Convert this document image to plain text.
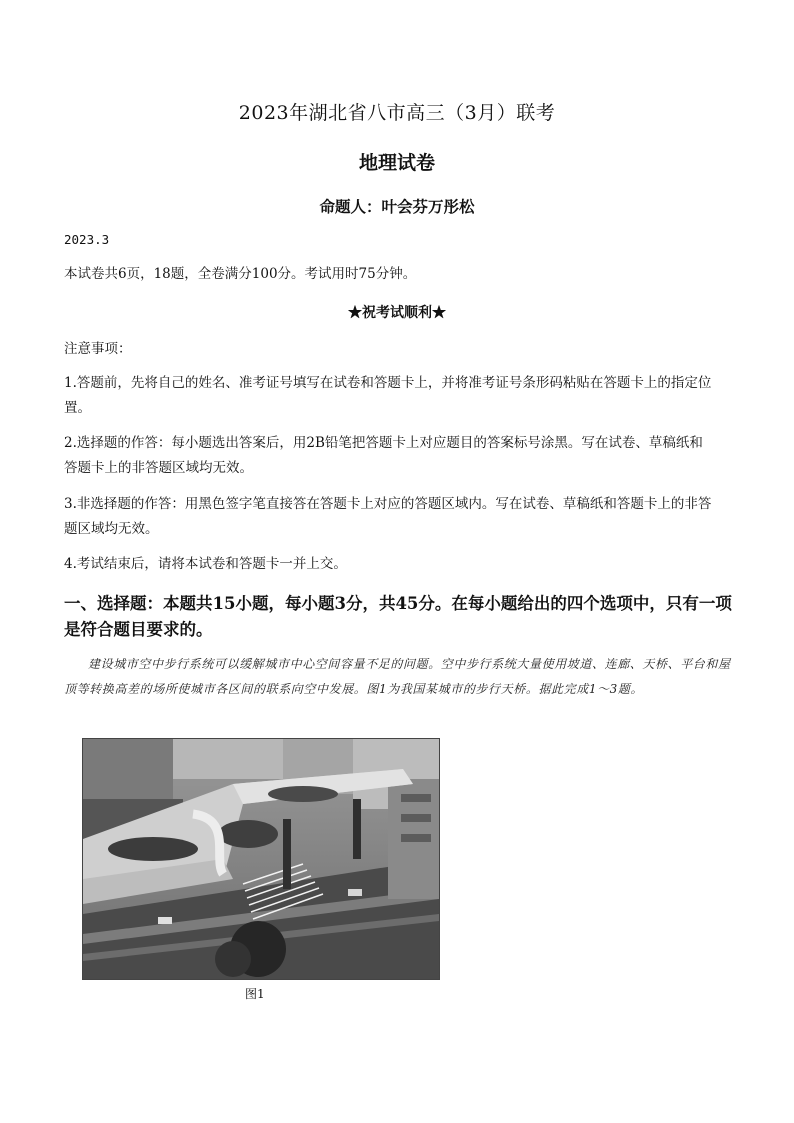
2023年湖北省八市高三（3月）联考
地理试卷
命题人：叶会芬万彤松
2023.3
本试卷共6页，18题，全卷满分100分。考试用时75分钟。
★祝考试顺利★
注意事项：
1.答题前，先将自己的姓名、准考证号填写在试卷和答题卡上，并将准考证号条形码粘贴在答题卡上的指定位
置。
2.选择题的作答：每小题选出答案后，用2B铅笔把答题卡上对应题目的答案标号涂黑。写在试卷、草稿纸和
答题卡上的非答题区域均无效。
3.非选择题的作答：用黑色签字笔直接答在答题卡上对应的答题区域内。写在试卷、草稿纸和答题卡上的非答
题区域均无效。
4.考试结束后，请将本试卷和答题卡一并上交。
一、选择题：本题共15小题，每小题3分，共45分。在每小题给出的四个选项中，只有一项
是符合题目要求的。
建设城市空中步行系统可以缓解城市中心空间容量不足的问题。空中步行系统大量使用坡道、连廊、天桥、平台和屋顶等转换高差的场所使城市各区间的联系向空中发展。图1为我国某城市的步行天桥。据此完成1～3题。
图1
